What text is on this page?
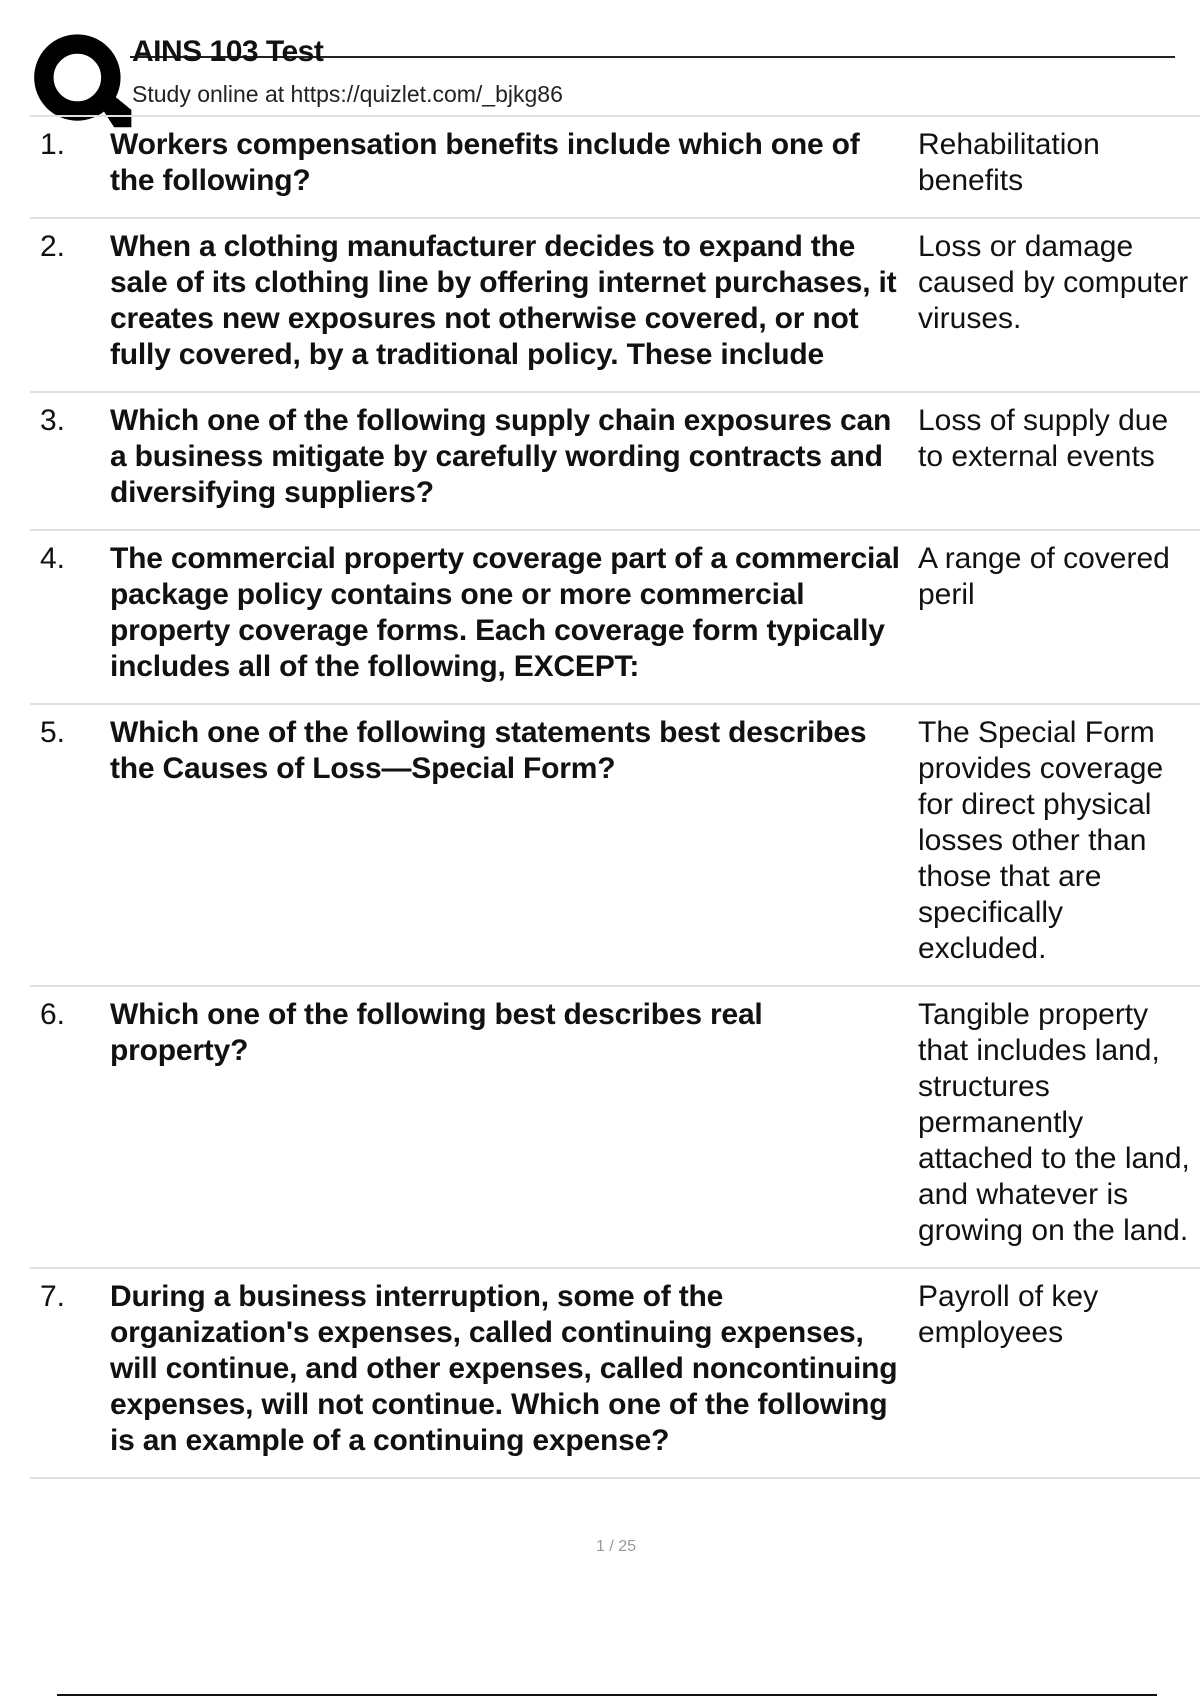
AINS 103 Test
Study online at https://quizlet.com/_bjkg86
1.	Workers compensation benefits include which one of the following?
Rehabilitation benefits
2.	When a clothing manufacturer decides to expand the sale of its clothing line by offering internet purchases, it creates new exposures not otherwise covered, or not fully covered, by a traditional policy. These include
Loss or damage caused by computer viruses.
3.	Which one of the following supply chain exposures can a business mitigate by carefully wording contracts and diversifying suppliers?
Loss of supply due to external events
4.	The commercial property coverage part of a commercial package policy contains one or more commercial property coverage forms. Each coverage form typically includes all of the following, EXCEPT:
A range of covered peril
5.	Which one of the following statements best describes the Causes of Loss—Special Form?
The Special Form provides coverage for direct physical losses other than those that are specifically excluded.
6.	Which one of the following best describes real property?
Tangible property that includes land, structures permanently attached to the land, and whatever is growing on the land.
7.	During a business interruption, some of the organization's expenses, called continuing expenses, will continue, and other expenses, called noncontinuing expenses, will not continue. Which one of the following is an example of a continuing expense?
Payroll of key employees
1 / 25
